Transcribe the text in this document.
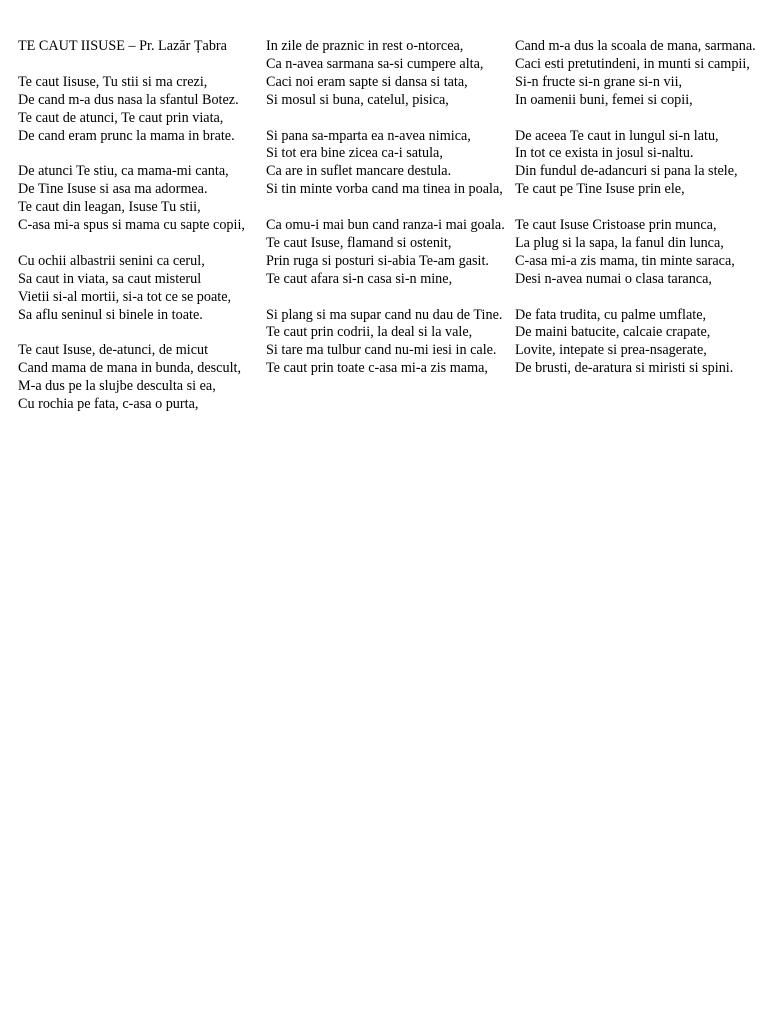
TE CAUT IISUSE – Pr. Lazăr Țabra
Te caut Iisuse, Tu stii si ma crezi,
De cand m-a dus nasa la sfantul Botez.
Te caut de atunci, Te caut prin viata,
De cand eram prunc la mama in brate.
De atunci Te stiu, ca mama-mi canta,
De Tine Isuse si asa ma adormea.
Te caut din leagan, Isuse Tu stii,
C-asa mi-a spus si mama cu sapte copii,
Cu ochii albastrii senini ca cerul,
Sa caut in viata, sa caut misterul
Vietii si-al mortii, si-a tot ce se poate,
Sa aflu seninul si binele in toate.
Te caut Isuse, de-atunci, de micut
Cand mama de mana in bunda, descult,
M-a dus pe la slujbe desculta si ea,
Cu rochia pe fata, c-asa o purta,
In zile de praznic in rest o-ntorcea,
Ca n-avea sarmana sa-si cumpere alta,
Caci noi eram sapte si dansa si tata,
Si mosul si buna, catelul, pisica,
Si pana sa-mparta ea n-avea nimica,
Si tot era bine zicea ca-i satula,
Ca are in suflet mancare destula.
Si tin minte vorba cand ma tinea in poala,
Ca omu-i mai bun cand ranza-i mai goala.
Te caut Isuse, flamand si ostenit,
Prin ruga si posturi si-abia Te-am gasit.
Te caut afara si-n casa si-n mine,
Si plang si ma supar cand nu dau de Tine.
Te caut prin codrii, la deal si la vale,
Si tare ma tulbur cand nu-mi iesi in cale.
Te caut prin toate c-asa mi-a zis mama,
Cand m-a dus la scoala de mana, sarmana.
Caci esti pretutindeni, in munti si campii,
Si-n fructe si-n grane si-n vii,
In oamenii buni, femei si copii,
De aceea Te caut in lungul si-n latu,
In tot ce exista in josul si-naltu.
Din fundul de-adancuri si pana la stele,
Te caut pe Tine Isuse prin ele,
Te caut Isuse Cristoase prin munca,
La plug si la sapa, la fanul din lunca,
C-asa mi-a zis mama, tin minte saraca,
Desi n-avea numai o clasa taranca,
De fata trudita, cu palme umflate,
De maini batucite, calcaie crapate,
Lovite, intepate si prea-nsagerate,
De brusti, de-aratura si miristi si spini.
